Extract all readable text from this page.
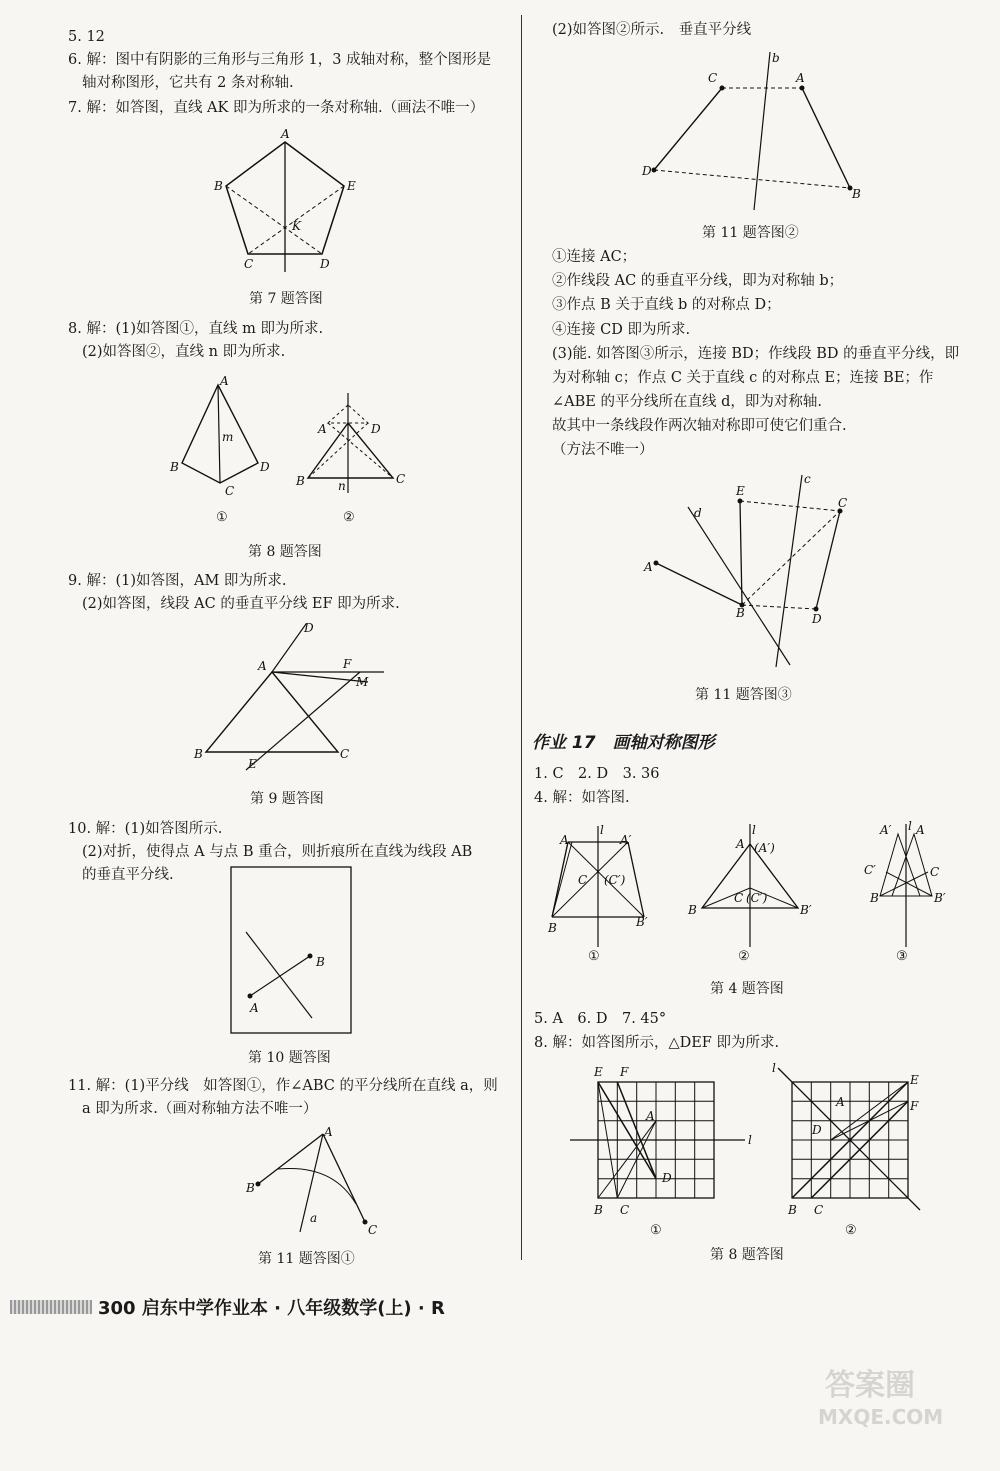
5. 12
6. 解：图中有阴影的三角形与三角形 1，3 成轴对称，整个图形是
轴对称图形，它共有 2 条对称轴.
7. 解：如答图，直线 AK 即为所求的一条对称轴.（画法不唯一）
A
B	E
C	D
K
第 7 题答图
8. 解：(1)如答图①，直线 m 即为所求.
(2)如答图②，直线 n 即为所求.
A
B
C
D
m
A	D
B	C
n
①	②
第 8 题答图
9. 解：(1)如答图，AM 即为所求.
(2)如答图，线段 AC 的垂直平分线 EF 即为所求.
A
B	C
D
F
M
E
第 9 题答图
10. 解：(1)如答图所示.
(2)对折，使得点 A 与点 B 重合，则折痕所在直线为线段 AB
的垂直平分线.
A
B
第 10 题答图
11. 解：(1)平分线　如答图①，作∠ABC 的平分线所在直线 a，则
a 即为所求.（画对称轴方法不唯一）
A
B
C
a
第 11 题答图①
(2)如答图②所示.　垂直平分线
C	A
D
B
b
第 11 题答图②
①连接 AC；
②作线段 AC 的垂直平分线，即为对称轴 b；
③作点 B 关于直线 b 的对称点 D；
④连接 CD 即为所求.
(3)能. 如答图③所示，连接 BD；作线段 BD 的垂直平分线，即
为对称轴 c；作点 C 关于直线 c 的对称点 E；连接 BE；作
∠ABE 的平分线所在直线 d，即为对称轴.
故其中一条线段作两次轴对称即可使它们重合.
（方法不唯一）
A
E
C
B	D
d
c
第 11 题答图③
作业 17　画轴对称图形
1. C　2. D　3. 36
4. 解：如答图.
A	A′
C (C′)
B	B′
l
①
A (A′)
C (C′)
B	B′
l
②
A′ A
C′	C
B	B′
l
③
第 4 题答图
5. A　6. D　7. 45°
8. 解：如答图所示，△DEF 即为所求.
E F
A
D
B C
l
①
l
E
F
A
D
B C
②
第 8 题答图
300 启东中学作业本 · 八年级数学(上) · R
答案圈
MXQE.COM
